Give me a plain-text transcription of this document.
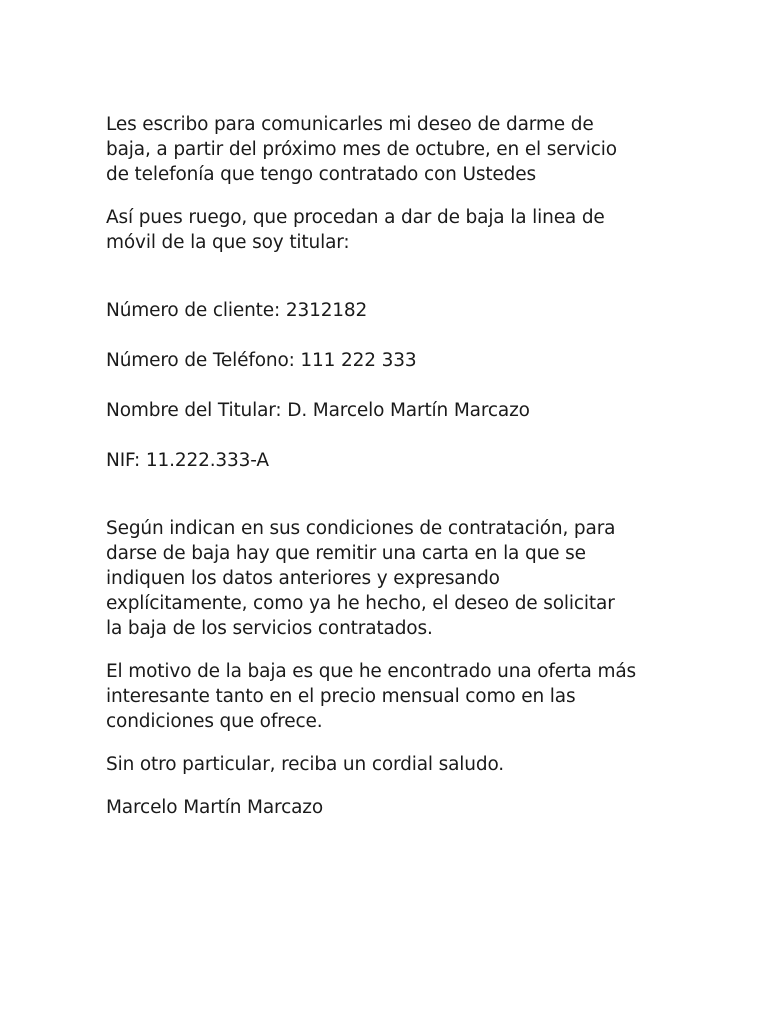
Les escribo para comunicarles mi deseo de darme de
baja, a partir del próximo mes de octubre, en el servicio
de telefonía que tengo contratado con Ustedes

Así pues ruego, que procedan a dar de baja la linea de
móvil de la que soy titular:

Número de cliente: 2312182

Número de Teléfono: 111 222 333

Nombre del Titular: D. Marcelo Martín Marcazo

NIF: 11.222.333-A

Según indican en sus condiciones de contratación, para
darse de baja hay que remitir una carta en la que se
indiquen los datos anteriores y expresando
explícitamente, como ya he hecho, el deseo de solicitar
la baja de los servicios contratados.

El motivo de la baja es que he encontrado una oferta más
interesante tanto en el precio mensual como en las
condiciones que ofrece.

Sin otro particular, reciba un cordial saludo.

Marcelo Martín Marcazo
